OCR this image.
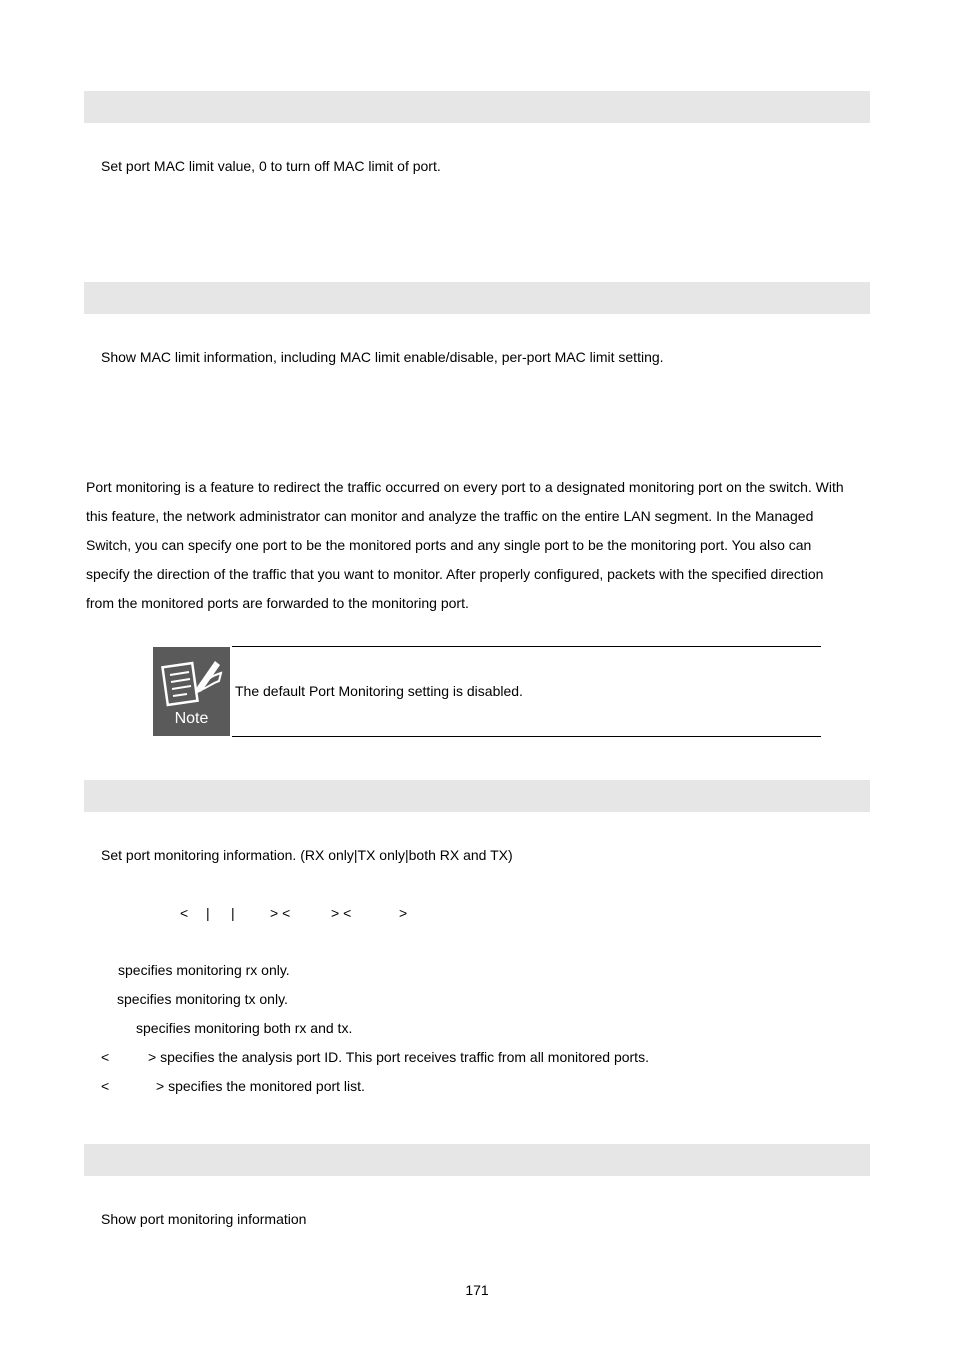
Set port MAC limit value, 0 to turn off MAC limit of port.
Show MAC limit information, including MAC limit enable/disable, per-port MAC limit setting.
Port monitoring is a feature to redirect the traffic occurred on every port to a designated monitoring port on the switch. With
this feature, the network administrator can monitor and analyze the traffic on the entire LAN segment. In the Managed
Switch, you can specify one port to be the monitored ports and any single port to be the monitoring port. You also can
specify the direction of the traffic that you want to monitor. After properly configured, packets with the specified direction
from the monitored ports are forwarded to the monitoring port.
Note
The default Port Monitoring setting is disabled.
Set port monitoring information. (RX only|TX only|both RX and TX)
< | |	> <	> <	>
specifies monitoring rx only.
specifies monitoring tx only.
specifies monitoring both rx and tx.
<	> specifies the analysis port ID. This port receives traffic from all monitored ports.
<	> specifies the monitored port list.
Show port monitoring information
171
